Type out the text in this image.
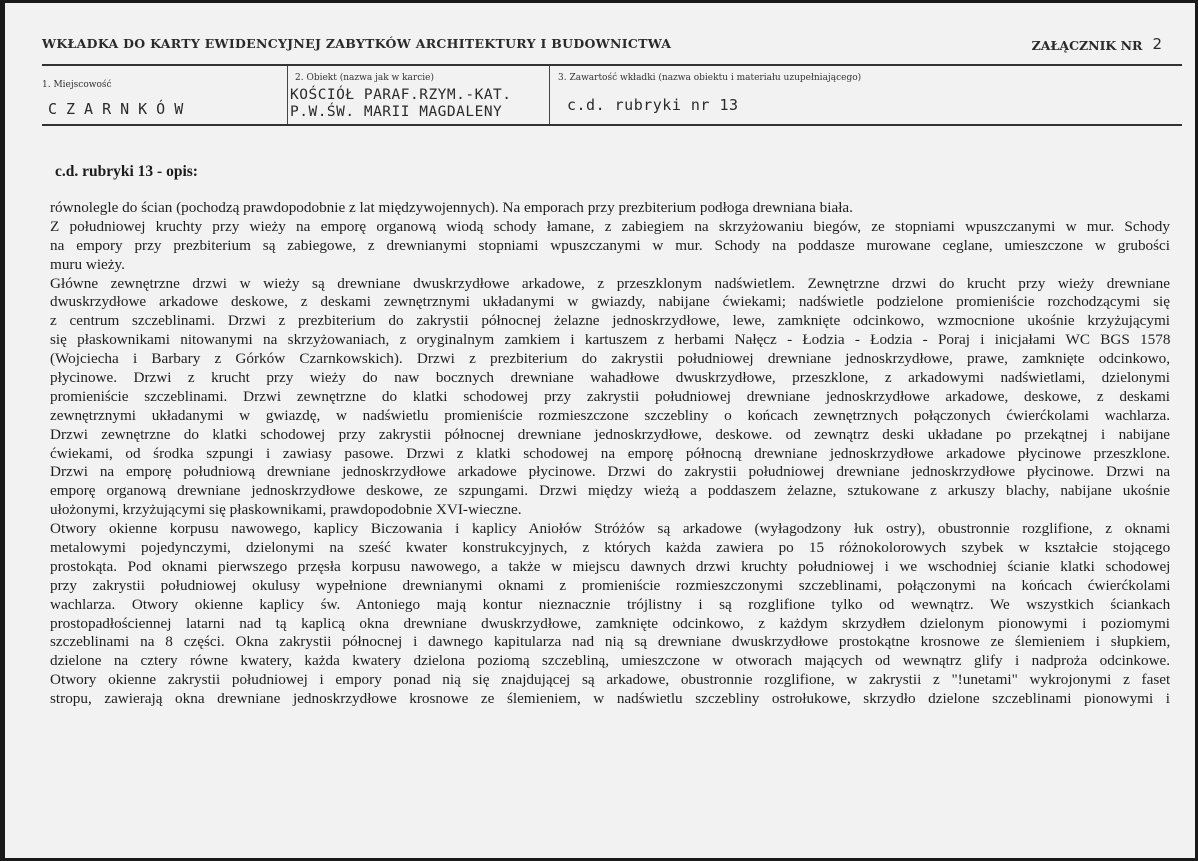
WKŁADKA DO KARTY EWIDENCYJNEJ ZABYTKÓW ARCHITEKTURY I BUDOWNICTWA	ZAŁĄCZNIK NR 2
1. Miejscowość
CZARNKÓW
2. Obiekt (nazwa jak w karcie)
KOŚCIÓŁ PARAF.RZYM.-KAT.
P.W.ŚW. MARII MAGDALENY
3. Zawartość wkładki (nazwa obiektu i materiału uzupełniającego)
c.d. rubryki nr 13
c.d. rubryki 13 - opis:
równolegle do ścian (pochodzą prawdopodobnie z lat międzywojennych). Na emporach przy prezbiterium podłoga drewniana biała.
Z południowej kruchty przy wieży na emporę organową wiodą schody łamane, z zabiegiem na skrzyżowaniu biegów, ze stopniami wpuszczanymi w mur. Schody
na empory przy prezbiterium są zabiegowe, z drewnianymi stopniami wpuszczanymi w mur. Schody na poddasze murowane ceglane, umieszczone w grubości
muru wieży.
Główne zewnętrzne drzwi w wieży są drewniane dwuskrzydłowe arkadowe, z przeszklonym nadświetlem. Zewnętrzne drzwi do krucht przy wieży drewniane
dwuskrzydłowe arkadowe deskowe, z deskami zewnętrznymi układanymi w gwiazdy, nabijane ćwiekami; nadświetle podzielone promieniście rozchodzącymi się
z centrum szczeblinami. Drzwi z prezbiterium do zakrystii północnej żelazne jednoskrzydłowe, lewe, zamknięte odcinkowo, wzmocnione ukośnie krzyżującymi
się płaskownikami nitowanymi na skrzyżowaniach, z oryginalnym zamkiem i kartuszem z herbami Nałęcz - Łodzia - Łodzia - Poraj i inicjałami WC BGS 1578
(Wojciecha i Barbary z Górków Czarnkowskich). Drzwi z prezbiterium do zakrystii południowej drewniane jednoskrzydłowe, prawe, zamknięte odcinkowo,
płycinowe. Drzwi z krucht przy wieży do naw bocznych drewniane wahadłowe dwuskrzydłowe, przeszklone, z arkadowymi nadświetlami, dzielonymi
promieniście szczeblinami. Drzwi zewnętrzne do klatki schodowej przy zakrystii południowej drewniane jednoskrzydłowe arkadowe, deskowe, z deskami
zewnętrznymi układanymi w gwiazdę, w nadświetlu promieniście rozmieszczone szczebliny o końcach zewnętrznych połączonych ćwierćkolami wachlarza.
Drzwi zewnętrzne do klatki schodowej przy zakrystii północnej drewniane jednoskrzydłowe, deskowe. od zewnątrz deski układane po przekątnej i nabijane
ćwiekami, od środka szpungi i zawiasy pasowe. Drzwi z klatki schodowej na emporę północną drewniane jednoskrzydłowe arkadowe płycinowe przeszklone.
Drzwi na emporę południową drewniane jednoskrzydłowe arkadowe płycinowe. Drzwi do zakrystii południowej drewniane jednoskrzydłowe płycinowe. Drzwi na
emporę organową drewniane jednoskrzydłowe deskowe, ze szpungami. Drzwi między wieżą a poddaszem żelazne, sztukowane z arkuszy blachy, nabijane ukośnie
ułożonymi, krzyżującymi się płaskownikami, prawdopodobnie XVI-wieczne.
Otwory okienne korpusu nawowego, kaplicy Biczowania i kaplicy Aniołów Stróżów są arkadowe (wyłagodzony łuk ostry), obustronnie rozglifione, z oknami
metalowymi pojedynczymi, dzielonymi na sześć kwater konstrukcyjnych, z których każda zawiera po 15 różnokolorowych szybek w kształcie stojącego
prostokąta. Pod oknami pierwszego przęsła korpusu nawowego, a także w miejscu dawnych drzwi kruchty południowej i we wschodniej ścianie klatki schodowej
przy zakrystii południowej okulusy wypełnione drewnianymi oknami z promieniście rozmieszczonymi szczeblinami, połączonymi na końcach ćwierćkolami
wachlarza. Otwory okienne kaplicy św. Antoniego mają kontur nieznacznie trójlistny i są rozglifione tylko od wewnątrz. We wszystkich ściankach
prostopadłościennej latarni nad tą kaplicą okna drewniane dwuskrzydłowe, zamknięte odcinkowo, z każdym skrzydłem dzielonym pionowymi i poziomymi
szczeblinami na 8 części. Okna zakrystii północnej i dawnego kapitularza nad nią są drewniane dwuskrzydłowe prostokątne krosnowe ze ślemieniem i słupkiem,
dzielone na cztery równe kwatery, każda kwatery dzielona poziomą szczebliną, umieszczone w otworach mających od wewnątrz glify i nadproża odcinkowe.
Otwory okienne zakrystii południowej i empory ponad nią się znajdującej są arkadowe, obustronnie rozglifione, w zakrystii z "!unetami" wykrojonymi z faset
stropu, zawierają okna drewniane jednoskrzydłowe krosnowe ze ślemieniem, w nadświetlu szczebliny ostrołukowe, skrzydło dzielone szczeblinami pionowymi i
